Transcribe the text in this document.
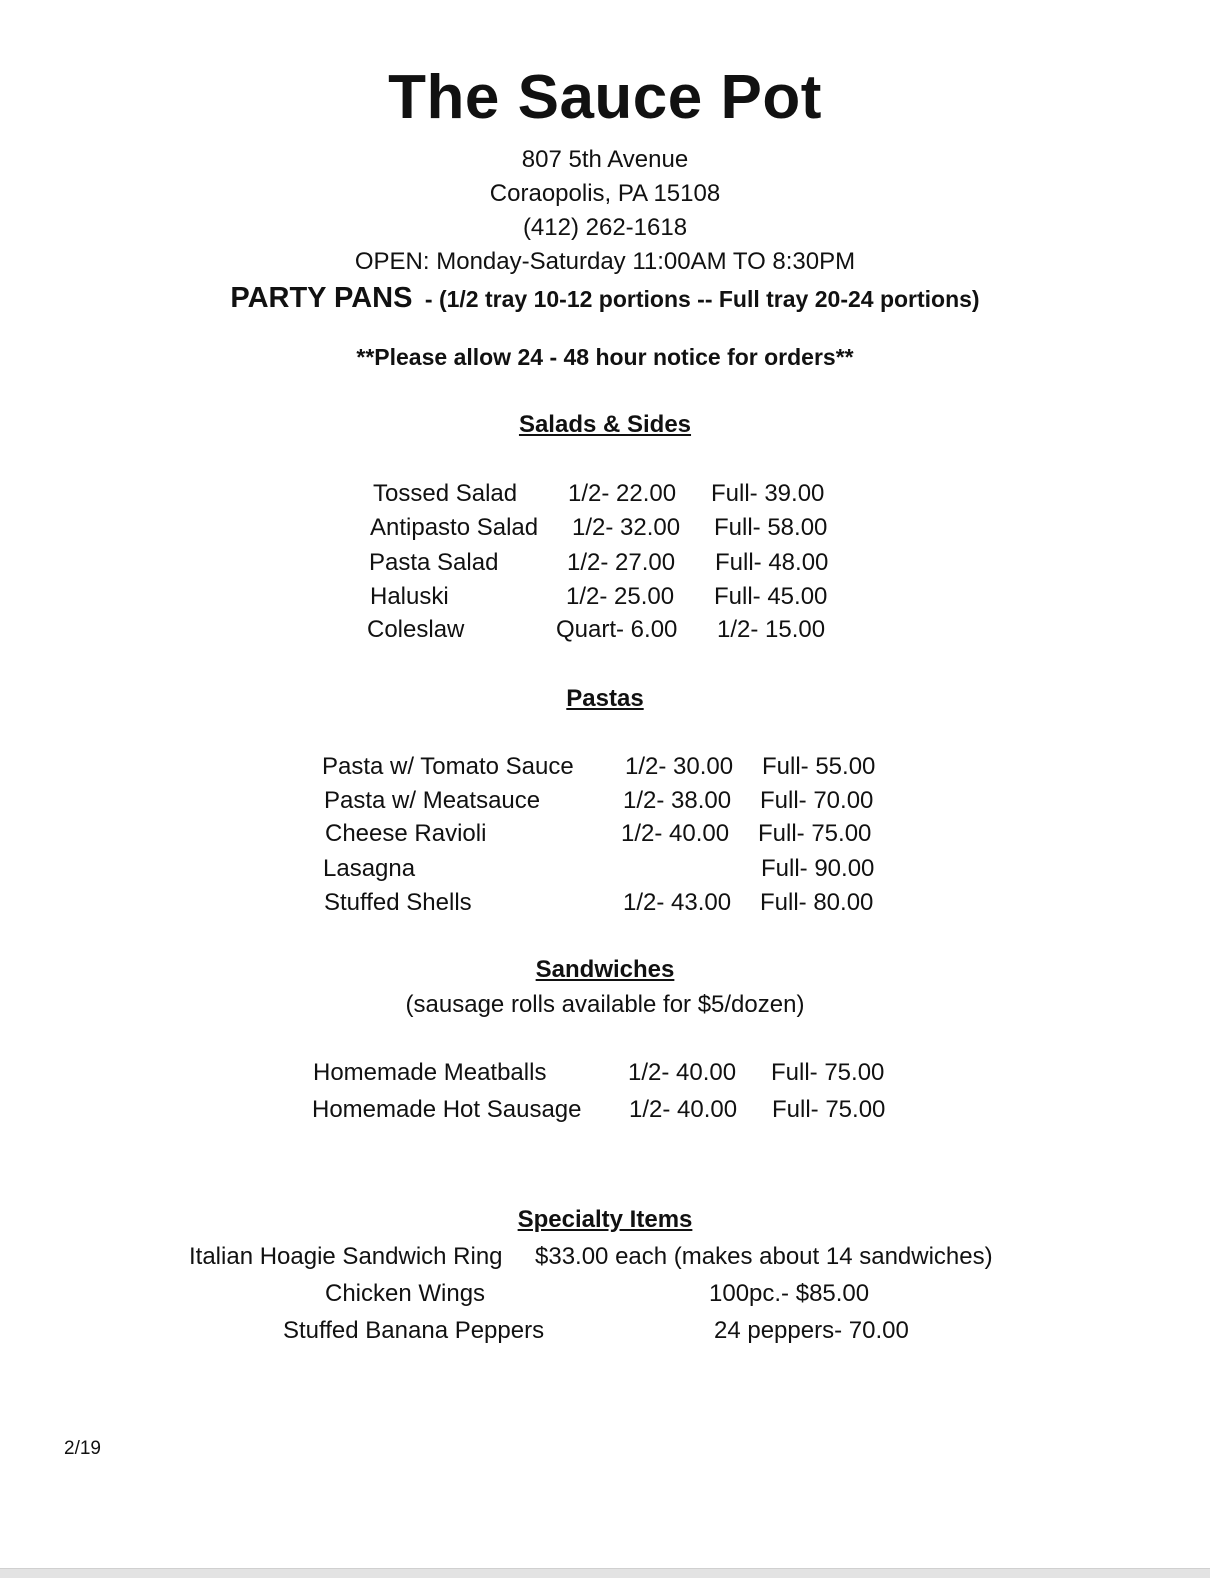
The Sauce Pot
807 5th Avenue
Coraopolis, PA 15108
(412) 262-1618
OPEN: Monday-Saturday 11:00AM TO 8:30PM
PARTY PANS - (1/2 tray 10-12 portions -- Full tray 20-24 portions)
**Please allow 24 - 48 hour notice for orders**
Salads & Sides
Tossed Salad 1/2- 22.00 Full- 39.00
Antipasto Salad 1/2- 32.00 Full- 58.00
Pasta Salad	1/2- 27.00 Full- 48.00
Haluski	1/2- 25.00 Full- 45.00
Coleslaw	Quart- 6.00 1/2- 15.00
Pastas
Pasta w/ Tomato Sauce 1/2- 30.00 Full- 55.00
Pasta w/ Meatsauce	1/2- 38.00 Full- 70.00
Cheese Ravioli	1/2- 40.00 Full- 75.00
Lasagna	Full- 90.00
Stuffed Shells	1/2- 43.00 Full- 80.00
Sandwiches
(sausage rolls available for $5/dozen)
Homemade Meatballs	1/2- 40.00 Full- 75.00
Homemade Hot Sausage 1/2- 40.00 Full- 75.00
Specialty Items
Italian Hoagie Sandwich Ring $33.00 each (makes about 14 sandwiches)
Chicken Wings	100pc.- $85.00
Stuffed Banana Peppers	24 peppers- 70.00
2/19
